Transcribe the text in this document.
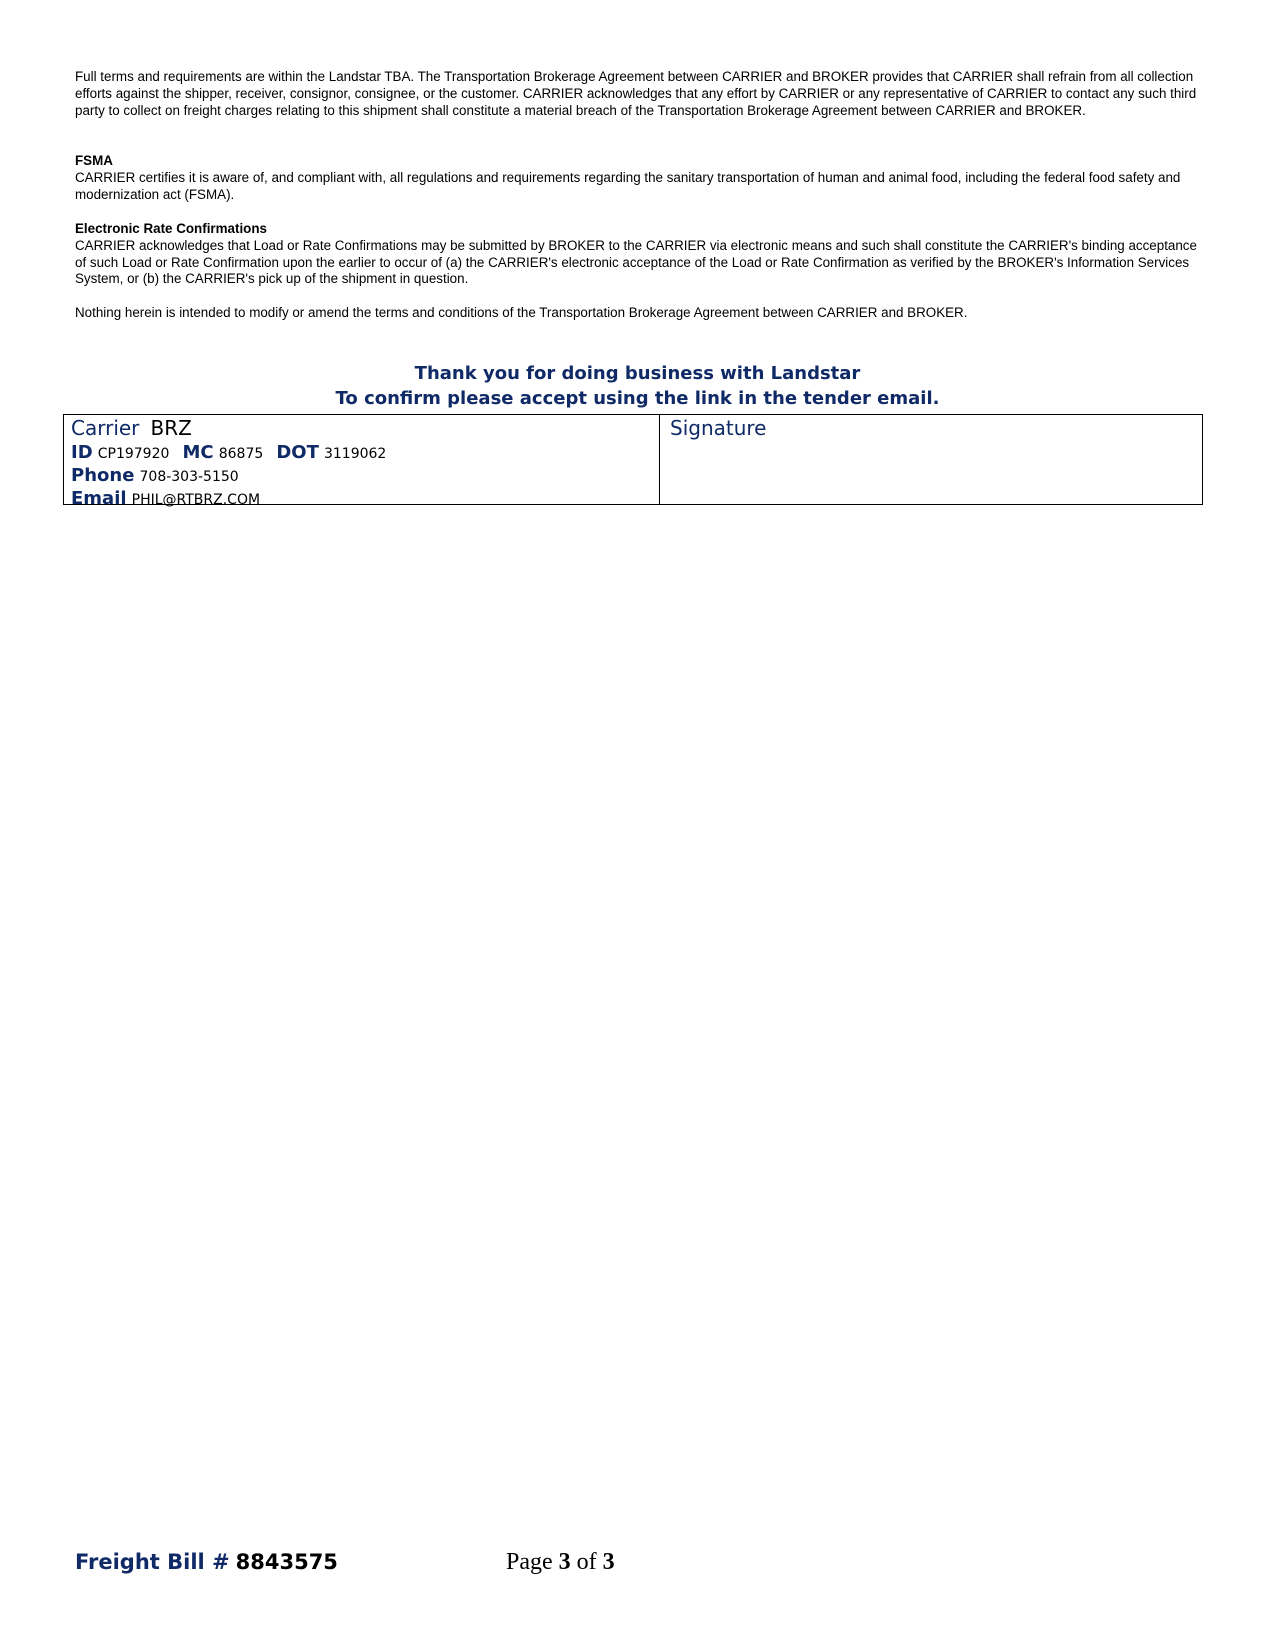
Full terms and requirements are within the Landstar TBA. The Transportation Brokerage Agreement between CARRIER and BROKER provides that CARRIER shall refrain from all collection efforts against the shipper, receiver, consignor, consignee, or the customer. CARRIER acknowledges that any effort by CARRIER or any representative of CARRIER to contact any such third party to collect on freight charges relating to this shipment shall constitute a material breach of the Transportation Brokerage Agreement between CARRIER and BROKER.

FSMA
CARRIER certifies it is aware of, and compliant with, all regulations and requirements regarding the sanitary transportation of human and animal food, including the federal food safety and modernization act (FSMA).
Electronic Rate Confirmations
CARRIER acknowledges that Load or Rate Confirmations may be submitted by BROKER to the CARRIER via electronic means and such shall constitute the CARRIER's binding acceptance of such Load or Rate Confirmation upon the earlier to occur of (a) the CARRIER's electronic acceptance of the Load or Rate Confirmation as verified by the BROKER's Information Services System, or (b) the CARRIER's pick up of the shipment in question.

Nothing herein is intended to modify or amend the terms and conditions of the Transportation Brokerage Agreement between CARRIER and BROKER.

Thank you for doing business with Landstar
To confirm please accept using the link in the tender email.
Carrier BRZ
ID CP197920 MC 86875 DOT 3119062
Phone 708-303-5150
Email PHIL@RTBRZ.COM
Signature
Freight Bill # 8843575	Page 3 of 3
